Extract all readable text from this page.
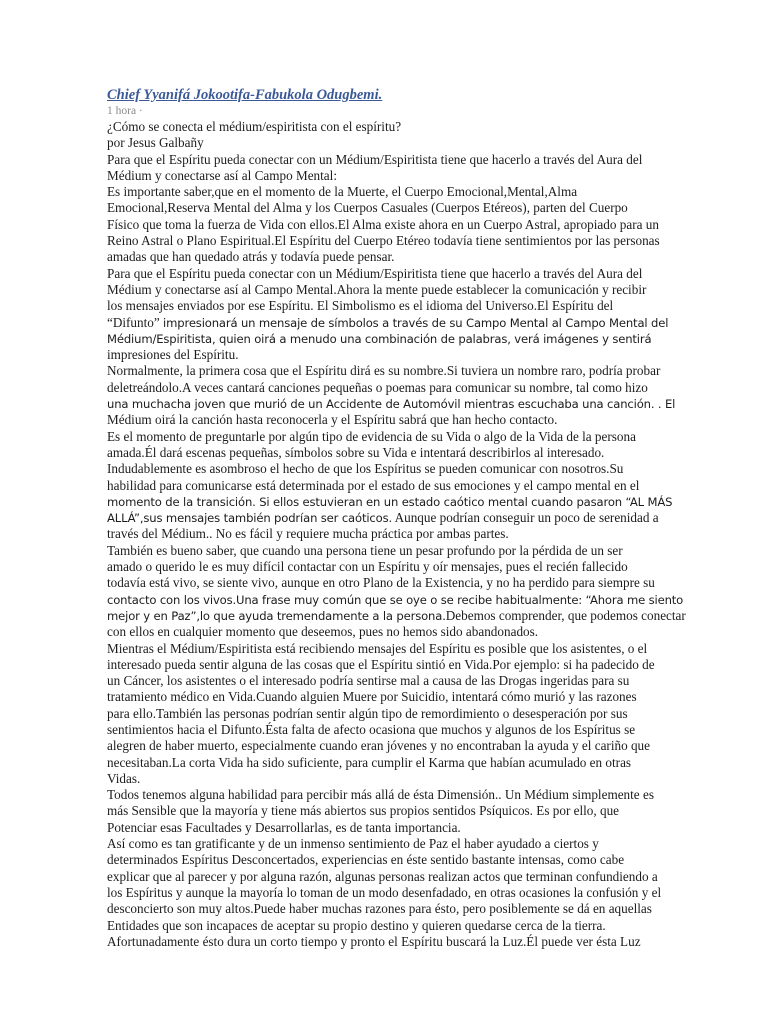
Chief Yyanifá Jokootifa-Fabukola Odugbemi.
1 hora ·
¿Cómo se conecta el médium/espiritista con el espíritu?
por Jesus Galbañy
Para que el Espíritu pueda conectar con un Médium/Espiritista tiene que hacerlo a través del Aura del
Médium y conectarse así al Campo Mental:
Es importante saber,que en el momento de la Muerte, el Cuerpo Emocional,Mental,Alma
Emocional,Reserva Mental del Alma y los Cuerpos Casuales (Cuerpos Etéreos), parten del Cuerpo
Físico que toma la fuerza de Vida con ellos.El Alma existe ahora en un Cuerpo Astral, apropiado para un
Reino Astral o Plano Espiritual.El Espíritu del Cuerpo Etéreo todavía tiene sentimientos por las personas
amadas que han quedado atrás y todavía puede pensar.
Para que el Espíritu pueda conectar con un Médium/Espiritista tiene que hacerlo a través del Aura del
Médium y conectarse así al Campo Mental.Ahora la mente puede establecer la comunicación y recibir
los mensajes enviados por ese Espíritu. El Simbolismo es el idioma del Universo.El Espíritu del
“Difunto” impresionará un mensaje de símbolos a través de su Campo Mental al Campo Mental del
Médium/Espiritista, quien oirá a menudo una combinación de palabras, verá imágenes y sentirá
impresiones del Espíritu.
Normalmente, la primera cosa que el Espíritu dirá es su nombre.Si tuviera un nombre raro, podría probar
deletreándolo.A veces cantará canciones pequeñas o poemas para comunicar su nombre, tal como hizo
una muchacha joven que murió de un Accidente de Automóvil mientras escuchaba una canción. . El
Médium oirá la canción hasta reconocerla y el Espíritu sabrá que han hecho contacto.
Es el momento de preguntarle por algún tipo de evidencia de su Vida o algo de la Vida de la persona
amada.Él dará escenas pequeñas, símbolos sobre su Vida e intentará describirlos al interesado.
Indudablemente es asombroso el hecho de que los Espíritus se pueden comunicar con nosotros.Su
habilidad para comunicarse está determinada por el estado de sus emociones y el campo mental en el
momento de la transición. Si ellos estuvieran en un estado caótico mental cuando pasaron “AL MÁS
ALLÁ”,sus mensajes también podrían ser caóticos. Aunque podrían conseguir un poco de serenidad a
través del Médium.. No es fácil y requiere mucha práctica por ambas partes.
También es bueno saber, que cuando una persona tiene un pesar profundo por la pérdida de un ser
amado o querido le es muy difícil contactar con un Espíritu y oír mensajes, pues el recién fallecido
todavía está vivo, se siente vivo, aunque en otro Plano de la Existencia, y no ha perdido para siempre su
contacto con los vivos.Una frase muy común que se oye o se recibe habitualmente: “Ahora me siento
mejor y en Paz”,lo que ayuda tremendamente a la persona.Debemos comprender, que podemos conectar
con ellos en cualquier momento que deseemos, pues no hemos sido abandonados.
Mientras el Médium/Espiritista está recibiendo mensajes del Espíritu es posible que los asistentes, o el
interesado pueda sentir alguna de las cosas que el Espíritu sintió en Vida.Por ejemplo: si ha padecido de
un Cáncer, los asistentes o el interesado podría sentirse mal a causa de las Drogas ingeridas para su
tratamiento médico en Vida.Cuando alguien Muere por Suicidio, intentará cómo murió y las razones
para ello.También las personas podrían sentir algún tipo de remordimiento o desesperación por sus
sentimientos hacia el Difunto.Ésta falta de afecto ocasiona que muchos y algunos de los Espíritus se
alegren de haber muerto, especialmente cuando eran jóvenes y no encontraban la ayuda y el cariño que
necesitaban.La corta Vida ha sido suficiente, para cumplir el Karma que habían acumulado en otras
Vidas.
Todos tenemos alguna habilidad para percibir más allá de ésta Dimensión.. Un Médium simplemente es
más Sensible que la mayoría y tiene más abiertos sus propios sentidos Psíquicos. Es por ello, que
Potenciar esas Facultades y Desarrollarlas, es de tanta importancia.
Así como es tan gratificante y de un inmenso sentimiento de Paz el haber ayudado a ciertos y
determinados Espíritus Desconcertados, experiencias en éste sentido bastante intensas, como cabe
explicar que al parecer y por alguna razón, algunas personas realizan actos que terminan confundiendo a
los Espíritus y aunque la mayoría lo toman de un modo desenfadado, en otras ocasiones la confusión y el
desconcierto son muy altos.Puede haber muchas razones para ésto, pero posiblemente se dá en aquellas
Entidades que son incapaces de aceptar su propio destino y quieren quedarse cerca de la tierra.
Afortunadamente ésto dura un corto tiempo y pronto el Espíritu buscará la Luz.Él puede ver ésta Luz
